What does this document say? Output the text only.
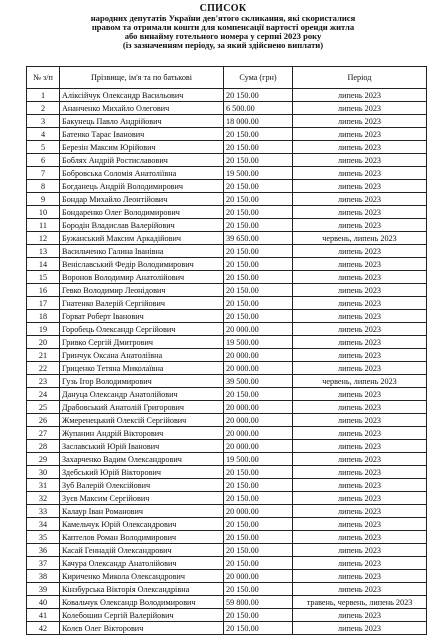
СПИСОК
народних депутатів України дев'ятого скликання, які скористалися
правом та отримали кошти для компенсації вартості оренди житла
або винайму готельного номера у серпні 2023 року
(із зазначенням періоду, за який здійснено виплати)
№ з/п	Прізвище, ім'я та по батькові	Сума (грн)	Період
1	Аліксійчук Олександр Васильович	20 150.00	липень 2023
2	Ананченко Михайло Олегович	6 500.00	липень 2023
3	Бакунець Павло Андрійович	18 000.00	липень 2023
4	Батенко Тарас Іванович	20 150.00	липень 2023
5	Березін Максим Юрійович	20 150.00	липень 2023
6	Боблях Андрій Ростиславович	20 150.00	липень 2023
7	Бобровська Соломія Анатоліївна	19 500.00	липень 2023
8	Богданець Андрій Володимирович	20 150.00	липень 2023
9	Бондар Михайло Леонтійович	20 150.00	липень 2023
10	Бондаренко Олег Володимирович	20 150.00	липень 2023
11	Бородін Владислав Валерійович	20 150.00	липень 2023
12	Бужанський Максим Аркадійович	39 650.00	червень, липень 2023
13	Васильченко Галина Іванівна	20 150.00	липень 2023
14	Веніславський Федір Володимирович	20 150.00	липень 2023
15	Воронов Володимир Анатолійович	20 150.00	липень 2023
16	Гевко Володимир Леонідович	20 150.00	липень 2023
17	Гнатенко Валерій Сергійович	20 150.00	липень 2023
18	Горват Роберт Іванович	20 150.00	липень 2023
19	Горобець Олександр Сергійович	20 000.00	липень 2023
20	Гривко Сергій Дмитрович	19 500.00	липень 2023
21	Гринчук Оксана Анатоліївна	20 000.00	липень 2023
22	Гриценко Тетяна Миколаївна	20 000.00	липень 2023
23	Гузь Ігор Володимирович	39 500.00	червень, липень 2023
24	Дануца Олександр Анатолійович	20 150.00	липень 2023
25	Драбовський Анатолій Григорович	20 000.00	липень 2023
26	Жмеренецький Олексій Сергійович	20 000.00	липень 2023
27	Жупанин Андрій Вікторович	20 000.00	липень 2023
28	Заславський Юрій Іванович	20 000.00	липень 2023
29	Захарченко Вадим Олександрович	19 500.00	липень 2023
30	Здебський Юрій Вікторович	20 150.00	липень 2023
31	Зуб Валерій Олексійович	20 150.00	липень 2023
32	Зуєв Максим Сергійович	20 150.00	липень 2023
33	Калаур Іван Романович	20 000.00	липень 2023
34	Камельчук Юрій Олександрович	20 150.00	липень 2023
35	Каптелов Роман Володимирович	20 150.00	липень 2023
36	Касай Геннадій Олександрович	20 150.00	липень 2023
37	Качура Олександр Анатолійович	20 150.00	липень 2023
38	Кириченко Микола Олександрович	20 000.00	липень 2023
39	Кінзбурська Вікторія Олександрівна	20 150.00	липень 2023
40	Ковальчук Олександр Володимирович	59 800.00	травень, червень, липень 2023
41	Колебошин Сергій Валерійович	20 150.00	липень 2023
42	Колєв Олег Вікторович	20 150.00	липень 2023
